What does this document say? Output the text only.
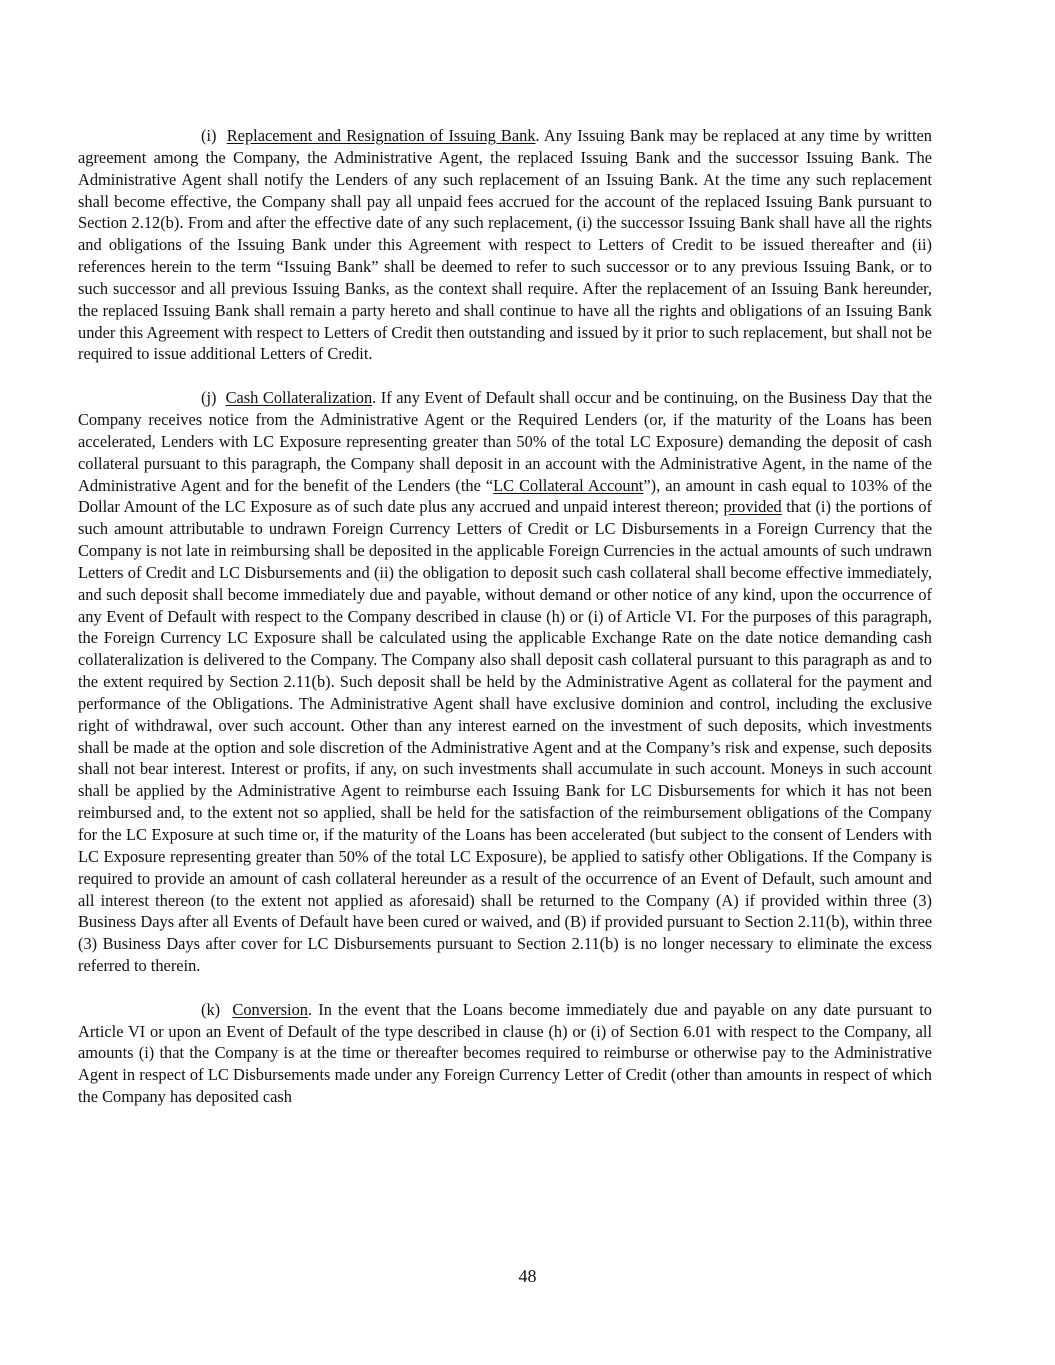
(i) Replacement and Resignation of Issuing Bank. Any Issuing Bank may be replaced at any time by written agreement among the Company, the Administrative Agent, the replaced Issuing Bank and the successor Issuing Bank. The Administrative Agent shall notify the Lenders of any such replacement of an Issuing Bank. At the time any such replacement shall become effective, the Company shall pay all unpaid fees accrued for the account of the replaced Issuing Bank pursuant to Section 2.12(b). From and after the effective date of any such replacement, (i) the successor Issuing Bank shall have all the rights and obligations of the Issuing Bank under this Agreement with respect to Letters of Credit to be issued thereafter and (ii) references herein to the term “Issuing Bank” shall be deemed to refer to such successor or to any previous Issuing Bank, or to such successor and all previous Issuing Banks, as the context shall require. After the replacement of an Issuing Bank hereunder, the replaced Issuing Bank shall remain a party hereto and shall continue to have all the rights and obligations of an Issuing Bank under this Agreement with respect to Letters of Credit then outstanding and issued by it prior to such replacement, but shall not be required to issue additional Letters of Credit.

(j) Cash Collateralization. If any Event of Default shall occur and be continuing, on the Business Day that the Company receives notice from the Administrative Agent or the Required Lenders (or, if the maturity of the Loans has been accelerated, Lenders with LC Exposure representing greater than 50% of the total LC Exposure) demanding the deposit of cash collateral pursuant to this paragraph, the Company shall deposit in an account with the Administrative Agent, in the name of the Administrative Agent and for the benefit of the Lenders (the “LC Collateral Account”), an amount in cash equal to 103% of the Dollar Amount of the LC Exposure as of such date plus any accrued and unpaid interest thereon; provided that (i) the portions of such amount attributable to undrawn Foreign Currency Letters of Credit or LC Disbursements in a Foreign Currency that the Company is not late in reimbursing shall be deposited in the applicable Foreign Currencies in the actual amounts of such undrawn Letters of Credit and LC Disbursements and (ii) the obligation to deposit such cash collateral shall become effective immediately, and such deposit shall become immediately due and payable, without demand or other notice of any kind, upon the occurrence of any Event of Default with respect to the Company described in clause (h) or (i) of Article VI. For the purposes of this paragraph, the Foreign Currency LC Exposure shall be calculated using the applicable Exchange Rate on the date notice demanding cash collateralization is delivered to the Company. The Company also shall deposit cash collateral pursuant to this paragraph as and to the extent required by Section 2.11(b). Such deposit shall be held by the Administrative Agent as collateral for the payment and performance of the Obligations. The Administrative Agent shall have exclusive dominion and control, including the exclusive right of withdrawal, over such account. Other than any interest earned on the investment of such deposits, which investments shall be made at the option and sole discretion of the Administrative Agent and at the Company’s risk and expense, such deposits shall not bear interest. Interest or profits, if any, on such investments shall accumulate in such account. Moneys in such account shall be applied by the Administrative Agent to reimburse each Issuing Bank for LC Disbursements for which it has not been reimbursed and, to the extent not so applied, shall be held for the satisfaction of the reimbursement obligations of the Company for the LC Exposure at such time or, if the maturity of the Loans has been accelerated (but subject to the consent of Lenders with LC Exposure representing greater than 50% of the total LC Exposure), be applied to satisfy other Obligations. If the Company is required to provide an amount of cash collateral hereunder as a result of the occurrence of an Event of Default, such amount and all interest thereon (to the extent not applied as aforesaid) shall be returned to the Company (A) if provided within three (3) Business Days after all Events of Default have been cured or waived, and (B) if provided pursuant to Section 2.11(b), within three (3) Business Days after cover for LC Disbursements pursuant to Section 2.11(b) is no longer necessary to eliminate the excess referred to therein.

(k) Conversion. In the event that the Loans become immediately due and payable on any date pursuant to Article VI or upon an Event of Default of the type described in clause (h) or (i) of Section 6.01 with respect to the Company, all amounts (i) that the Company is at the time or thereafter becomes required to reimburse or otherwise pay to the Administrative Agent in respect of LC Disbursements made under any Foreign Currency Letter of Credit (other than amounts in respect of which the Company has deposited cash

48
